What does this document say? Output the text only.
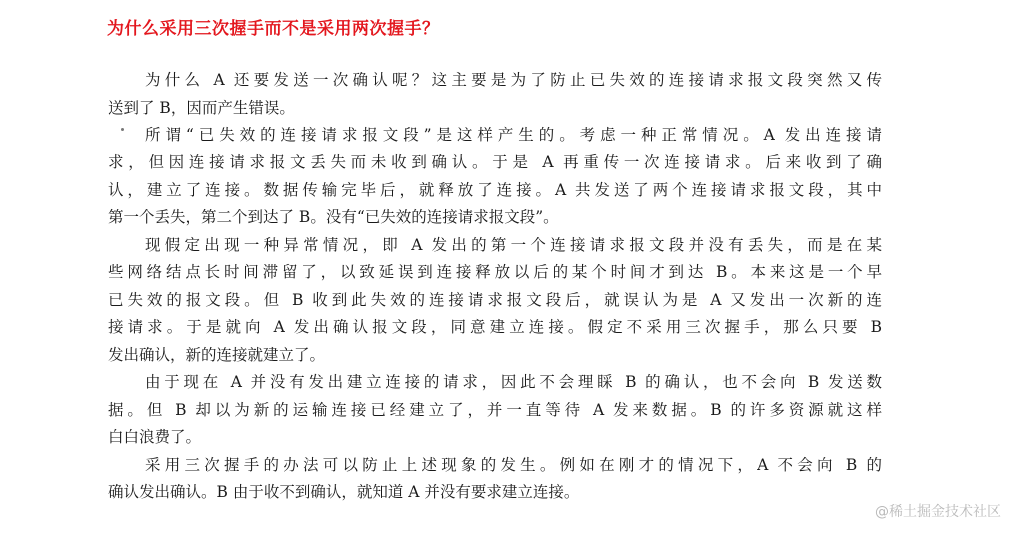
为什么采用三次握手而不是采用两次握手？
为什么 A 还要发送一次确认呢？这主要是为了防止已失效的连接请求报文段突然又传
送到了 B，因而产生错误。
所谓“已失效的连接请求报文段”是这样产生的。考虑一种正常情况。A 发出连接请
求，但因连接请求报文丢失而未收到确认。于是 A 再重传一次连接请求。后来收到了确
认，建立了连接。数据传输完毕后，就释放了连接。A 共发送了两个连接请求报文段，其中
第一个丢失，第二个到达了 B。没有“已失效的连接请求报文段”。
现假定出现一种异常情况，即 A 发出的第一个连接请求报文段并没有丢失，而是在某
些网络结点长时间滞留了，以致延误到连接释放以后的某个时间才到达 B。本来这是一个早
已失效的报文段。但 B 收到此失效的连接请求报文段后，就误认为是 A 又发出一次新的连
接请求。于是就向 A 发出确认报文段，同意建立连接。假定不采用三次握手，那么只要 B
发出确认，新的连接就建立了。
由于现在 A 并没有发出建立连接的请求，因此不会理睬 B 的确认，也不会向 B 发送数
据。但 B 却以为新的运输连接已经建立了，并一直等待 A 发来数据。B 的许多资源就这样
白白浪费了。
采用三次握手的办法可以防止上述现象的发生。例如在刚才的情况下，A 不会向 B 的
确认发出确认。B 由于收不到确认，就知道 A 并没有要求建立连接。
@稀土掘金技术社区
